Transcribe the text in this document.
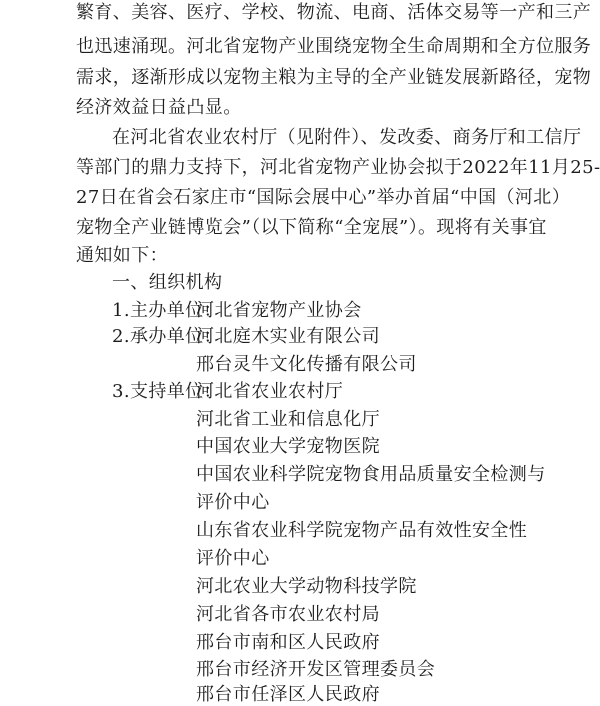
繁育、美容、医疗、学校、物流、电商、活体交易等一产和三产
也迅速涌现。河北省宠物产业围绕宠物全生命周期和全方位服务
需求，逐渐形成以宠物主粮为主导的全产业链发展新路径，宠物
经济效益日益凸显。
在河北省农业农村厅（见附件）、发改委、商务厅和工信厅
等部门的鼎力支持下，河北省宠物产业协会拟于2022年11月25-
27日在省会石家庄市“国际会展中心”举办首届“中国（河北）
宠物全产业链博览会”（以下简称“全宠展”）。现将有关事宜
通知如下：
一、组织机构
1.主办单位：
河北省宠物产业协会
2.承办单位：
河北庭木实业有限公司
邢台灵牛文化传播有限公司
3.支持单位：
河北省农业农村厅
河北省工业和信息化厅
中国农业大学宠物医院
中国农业科学院宠物食用品质量安全检测与
评价中心
山东省农业科学院宠物产品有效性安全性
评价中心
河北农业大学动物科技学院
河北省各市农业农村局
邢台市南和区人民政府
邢台市经济开发区管理委员会
邢台市任泽区人民政府
